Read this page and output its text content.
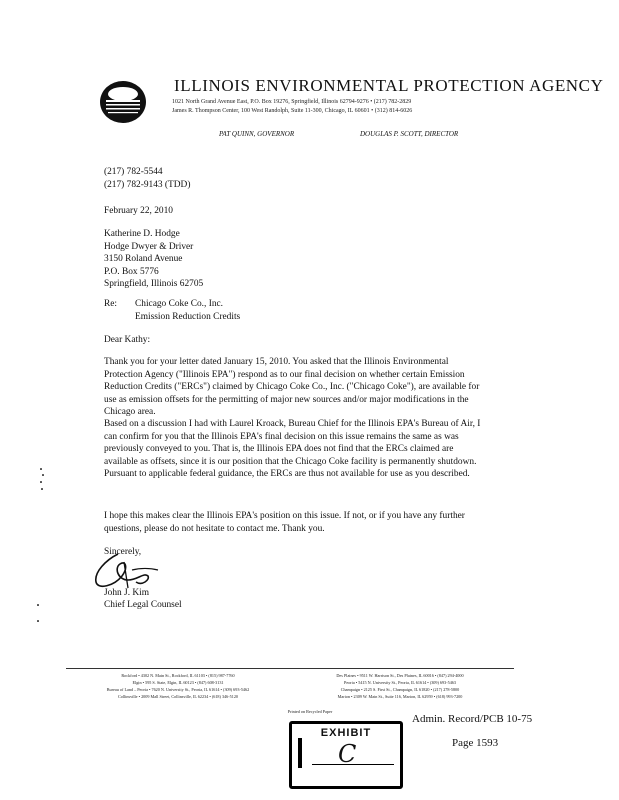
ILLINOIS ENVIRONMENTAL PROTECTION AGENCY
1021 North Grand Avenue East, P.O. Box 19276, Springfield, Illinois 62794-9276 • (217) 782-2829
James R. Thompson Center, 100 West Randolph, Suite 11-300, Chicago, IL 60601 • (312) 814-6026
PAT QUINN, GOVERNOR	DOUGLAS P. SCOTT, DIRECTOR
(217) 782-5544
(217) 782-9143 (TDD)
February 22, 2010
Katherine D. Hodge
Hodge Dwyer & Driver
3150 Roland Avenue
P.O. Box 5776
Springfield, Illinois 62705
Re: Chicago Coke Co., Inc.
Emission Reduction Credits
Dear Kathy:

Thank you for your letter dated January 15, 2010. You asked that the Illinois Environmental Protection Agency ("Illinois EPA") respond as to our final decision on whether certain Emission Reduction Credits ("ERCs") claimed by Chicago Coke Co., Inc. ("Chicago Coke"), are available for use as emission offsets for the permitting of major new sources and/or major modifications in the Chicago area.

Based on a discussion I had with Laurel Kroack, Bureau Chief for the Illinois EPA's Bureau of Air, I can confirm for you that the Illinois EPA's final decision on this issue remains the same as was previously conveyed to you. That is, the Illinois EPA does not find that the ERCs claimed are available as offsets, since it is our position that the Chicago Coke facility is permanently shutdown. Pursuant to applicable federal guidance, the ERCs are thus not available for use as you described.

I hope this makes clear the Illinois EPA's position on this issue. If not, or if you have any further questions, please do not hesitate to contact me. Thank you.

Sincerely,
John J. Kim
Chief Legal Counsel
Rockford • 4302 N. Main St., Rockford, IL 61103 • (815) 987-7760
Elgin • 595 S. State, Elgin, IL 60123 • (847) 608-3131
Bureau of Land – Peoria • 7620 N. University St., Peoria, IL 61614 • (309) 693-5462
Collinsville • 2009 Mall Street, Collinsville, IL 62234 • (618) 346-5120
Des Plaines • 9511 W. Harrison St., Des Plaines, IL 60016 • (847) 294-4000
Peoria • 5415 N. University St., Peoria, IL 61614 • (309) 693-5463
Champaign • 2125 S. First St., Champaign, IL 61820 • (217) 278-5800
Marion • 2309 W. Main St., Suite 116, Marion, IL 62959 • (618) 993-7200
Printed on Recycled Paper
EXHIBIT
C
Admin. Record/PCB 10-75
Page 1593
